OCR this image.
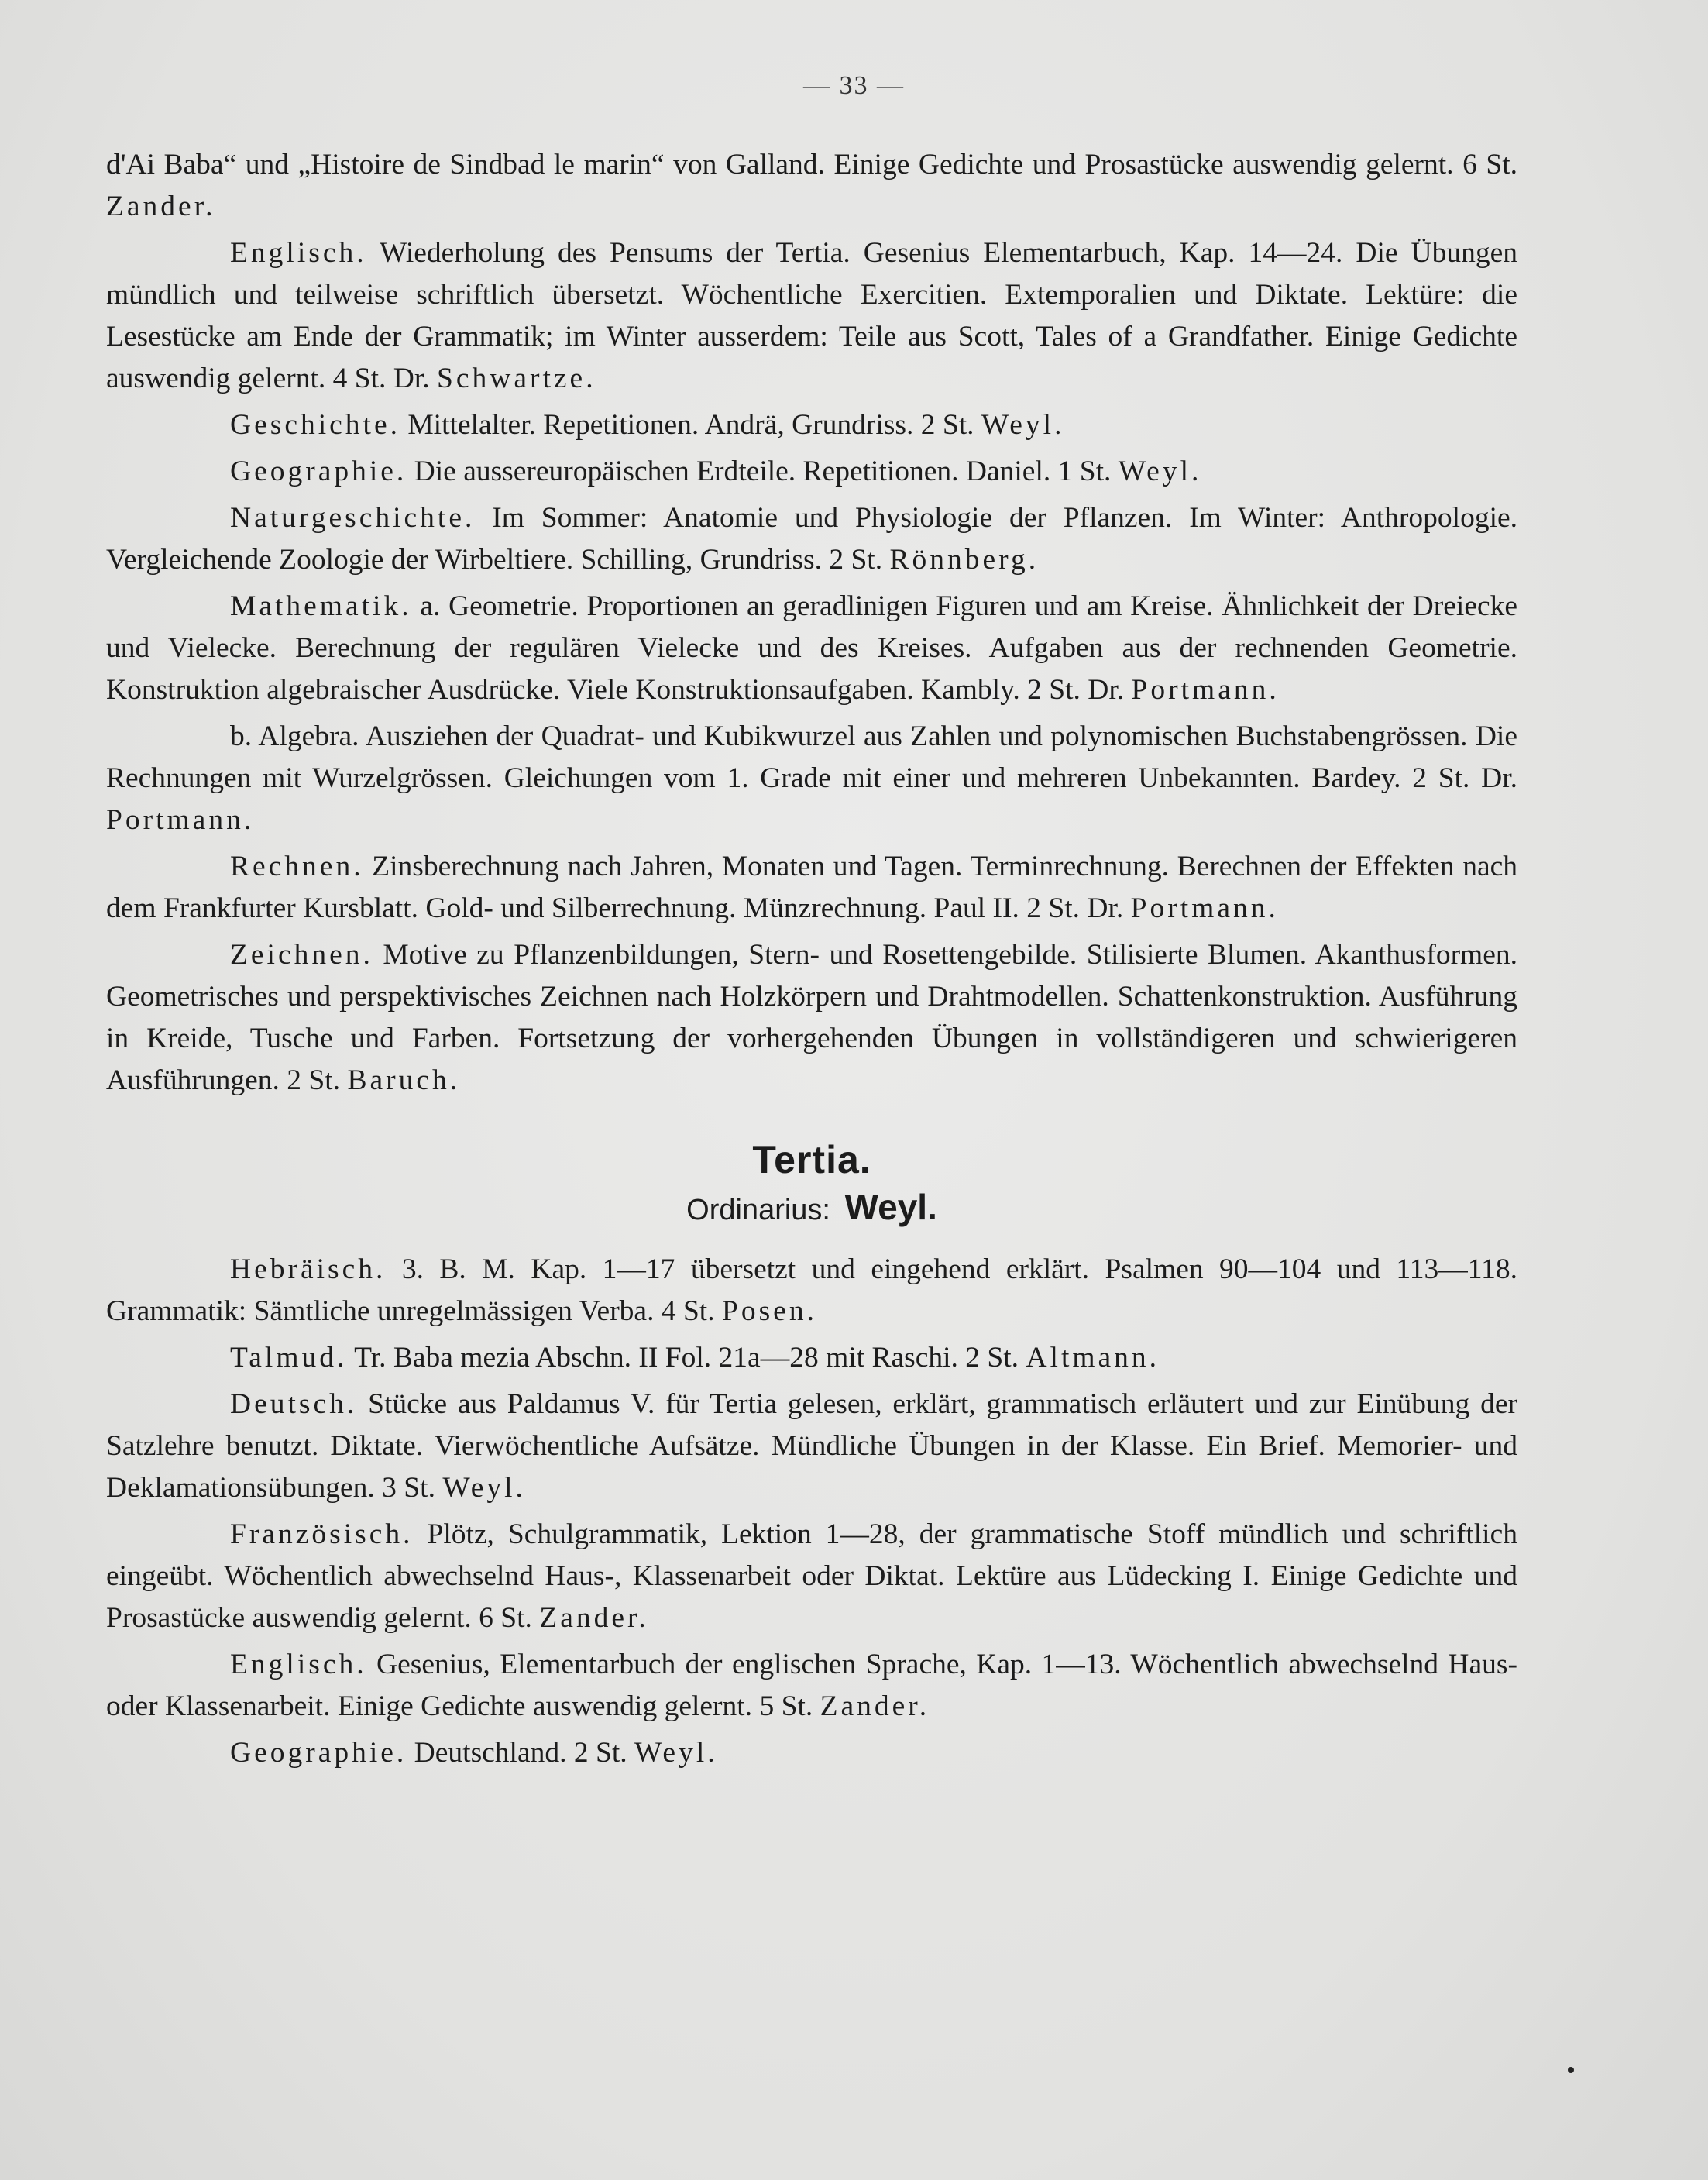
— 33 —

d'Ai Baba“ und „Histoire de Sindbad le marin“ von Galland. Einige Gedichte und Prosastücke auswendig gelernt. 6 St. Zander.

Englisch. Wiederholung des Pensums der Tertia. Gesenius Elementarbuch, Kap. 14—24. Die Übungen mündlich und teilweise schriftlich übersetzt. Wöchentliche Exercitien. Extemporalien und Diktate. Lektüre: die Lesestücke am Ende der Grammatik; im Winter ausserdem: Teile aus Scott, Tales of a Grandfather. Einige Gedichte auswendig gelernt. 4 St. Dr. Schwartze.

Geschichte. Mittelalter. Repetitionen. Andrä, Grundriss. 2 St. Weyl.

Geographie. Die aussereuropäischen Erdteile. Repetitionen. Daniel. 1 St. Weyl.

Naturgeschichte. Im Sommer: Anatomie und Physiologie der Pflanzen. Im Winter: Anthropologie. Vergleichende Zoologie der Wirbeltiere. Schilling, Grundriss. 2 St. Rönnberg.

Mathematik. a. Geometrie. Proportionen an geradlinigen Figuren und am Kreise. Ähnlichkeit der Dreiecke und Vielecke. Berechnung der regulären Vielecke und des Kreises. Aufgaben aus der rechnenden Geometrie. Konstruktion algebraischer Ausdrücke. Viele Konstruktionsaufgaben. Kambly. 2 St. Dr. Portmann.

b. Algebra. Ausziehen der Quadrat- und Kubikwurzel aus Zahlen und polynomischen Buchstabengrössen. Die Rechnungen mit Wurzelgrössen. Gleichungen vom 1. Grade mit einer und mehreren Unbekannten. Bardey. 2 St. Dr. Portmann.

Rechnen. Zinsberechnung nach Jahren, Monaten und Tagen. Terminrechnung. Berechnen der Effekten nach dem Frankfurter Kursblatt. Gold- und Silberrechnung. Münzrechnung. Paul II. 2 St. Dr. Portmann.

Zeichnen. Motive zu Pflanzenbildungen, Stern- und Rosettengebilde. Stilisierte Blumen. Akanthusformen. Geometrisches und perspektivisches Zeichnen nach Holzkörpern und Drahtmodellen. Schattenkonstruktion. Ausführung in Kreide, Tusche und Farben. Fortsetzung der vorhergehenden Übungen in vollständigeren und schwierigeren Ausführungen. 2 St. Baruch.

Tertia.
Ordinarius: Weyl.

Hebräisch. 3. B. M. Kap. 1—17 übersetzt und eingehend erklärt. Psalmen 90—104 und 113—118. Grammatik: Sämtliche unregelmässigen Verba. 4 St. Posen.

Talmud. Tr. Baba mezia Abschn. II Fol. 21a—28 mit Raschi. 2 St. Altmann.

Deutsch. Stücke aus Paldamus V. für Tertia gelesen, erklärt, grammatisch erläutert und zur Einübung der Satzlehre benutzt. Diktate. Vierwöchentliche Aufsätze. Mündliche Übungen in der Klasse. Ein Brief. Memorier- und Deklamationsübungen. 3 St. Weyl.

Französisch. Plötz, Schulgrammatik, Lektion 1—28, der grammatische Stoff mündlich und schriftlich eingeübt. Wöchentlich abwechselnd Haus-, Klassenarbeit oder Diktat. Lektüre aus Lüdecking I. Einige Gedichte und Prosastücke auswendig gelernt. 6 St. Zander.

Englisch. Gesenius, Elementarbuch der englischen Sprache, Kap. 1—13. Wöchentlich abwechselnd Haus- oder Klassenarbeit. Einige Gedichte auswendig gelernt. 5 St. Zander.

Geographie. Deutschland. 2 St. Weyl.
